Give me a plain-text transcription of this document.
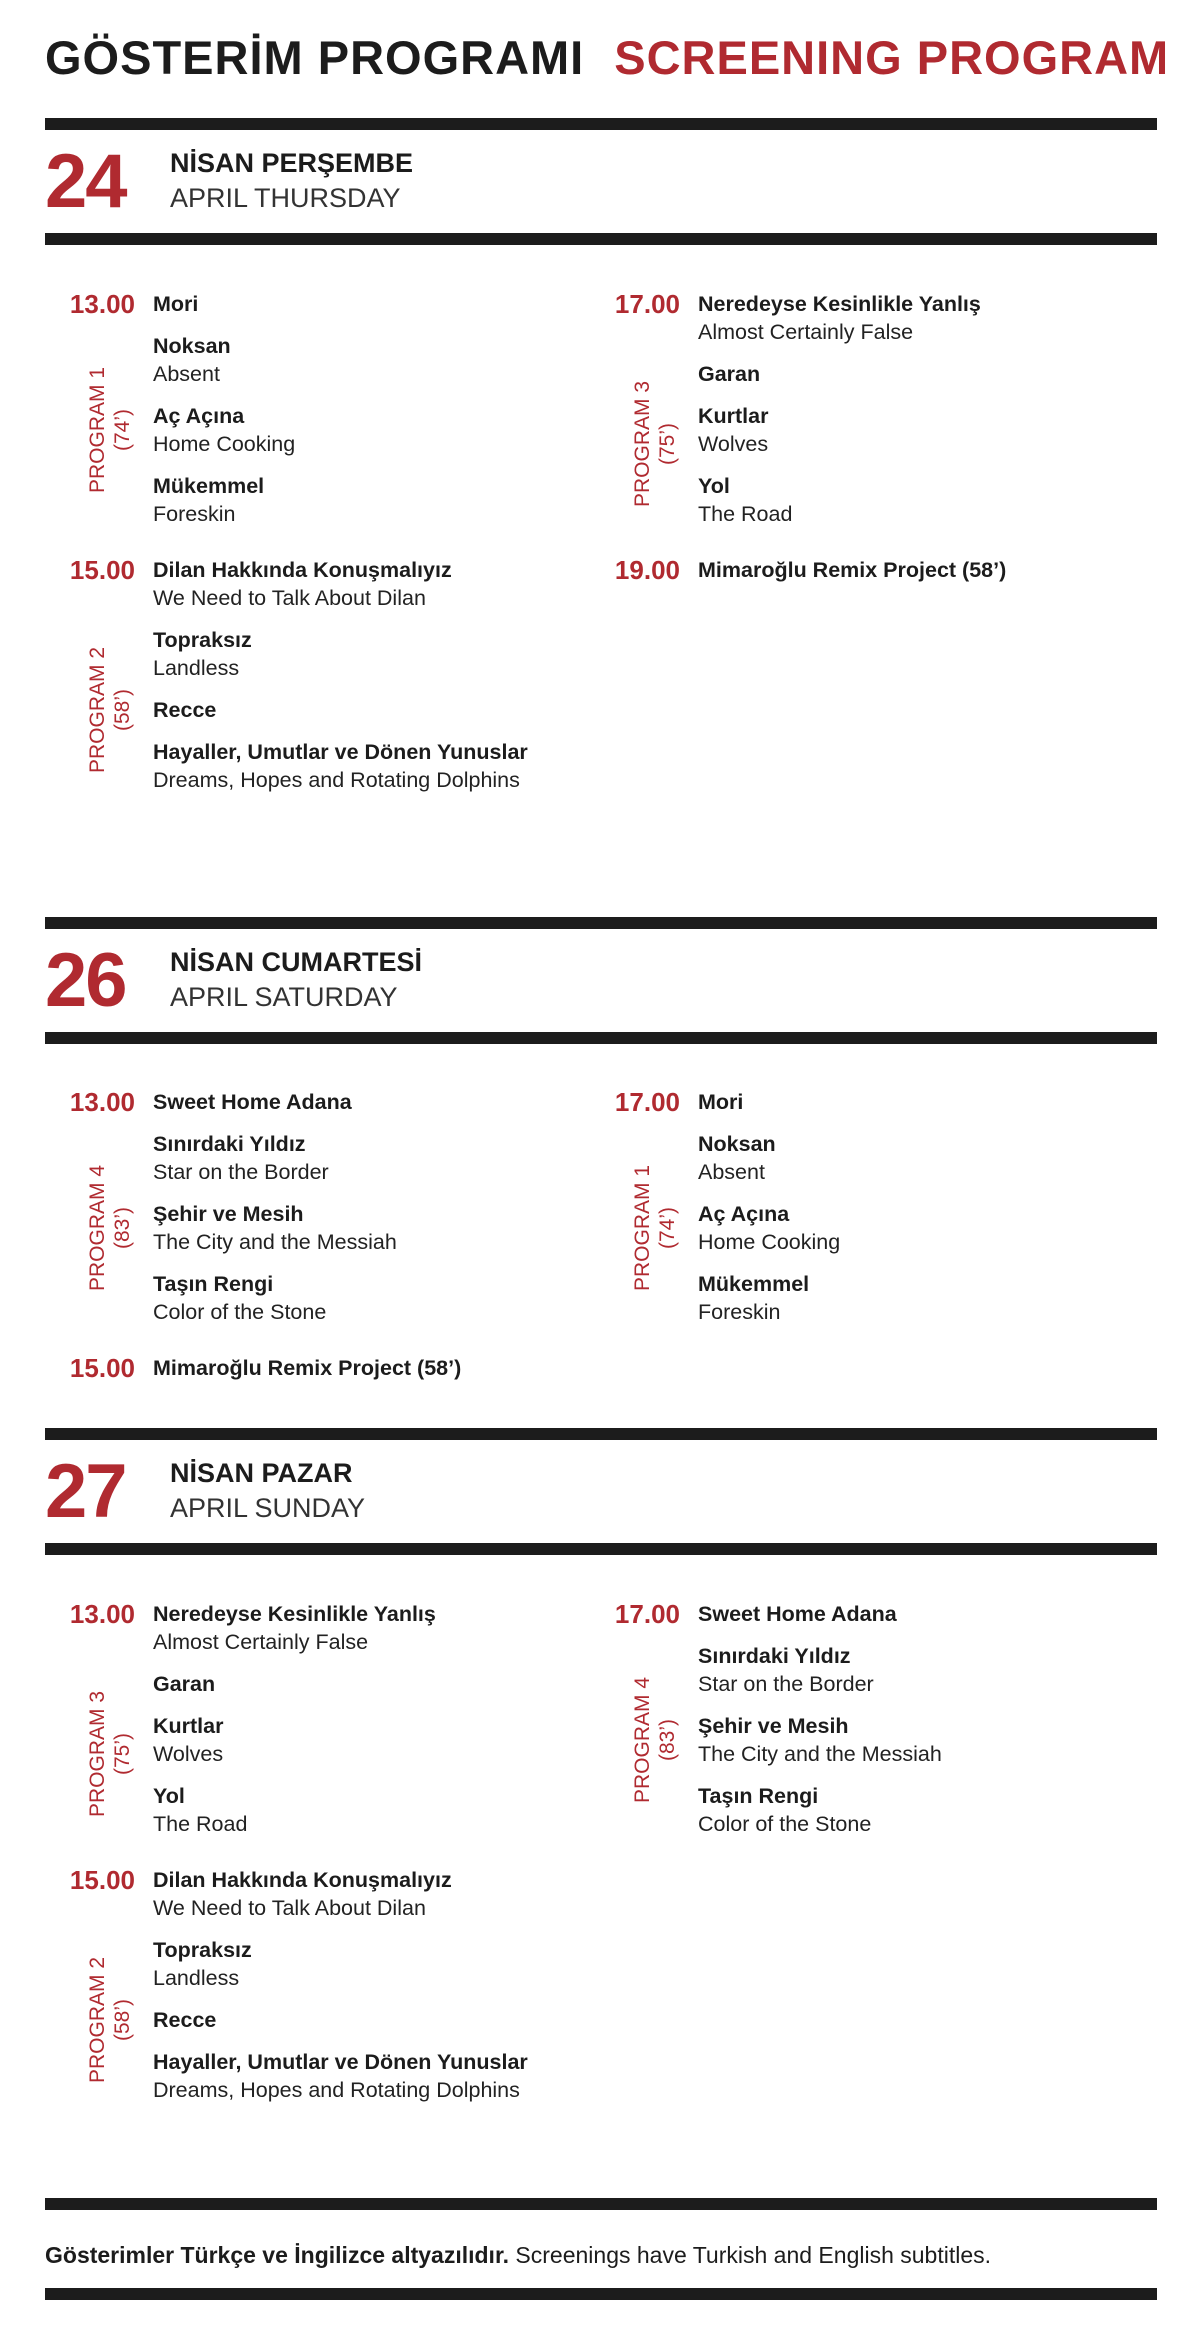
GÖSTERİM PROGRAMI SCREENING PROGRAM
24 NİSAN PERŞEMBE
APRIL THURSDAY
13.00
PROGRAM 1 (74’)
Mori
Noksan
Absent
Aç Açına
Home Cooking
Mükemmel
Foreskin
15.00
PROGRAM 2 (58’)
Dilan Hakkında Konuşmalıyız
We Need to Talk About Dilan
Topraksız
Landless
Recce
Hayaller, Umutlar ve Dönen Yunuslar
Dreams, Hopes and Rotating Dolphins
17.00
PROGRAM 3 (75’)
Neredeyse Kesinlikle Yanlış
Almost Certainly False
Garan
Kurtlar
Wolves
Yol
The Road
19.00 Mimaroğlu Remix Project (58’)
26 NİSAN CUMARTESİ
APRIL SATURDAY
13.00
PROGRAM 4 (83’)
Sweet Home Adana
Sınırdaki Yıldız
Star on the Border
Şehir ve Mesih
The City and the Messiah
Taşın Rengi
Color of the Stone
15.00 Mimaroğlu Remix Project (58’)
17.00
PROGRAM 1 (74’)
Mori
Noksan
Absent
Aç Açına
Home Cooking
Mükemmel
Foreskin
27 NİSAN PAZAR
APRIL SUNDAY
13.00
PROGRAM 3 (75’)
Neredeyse Kesinlikle Yanlış
Almost Certainly False
Garan
Kurtlar
Wolves
Yol
The Road
15.00
PROGRAM 2 (58’)
Dilan Hakkında Konuşmalıyız
We Need to Talk About Dilan
Topraksız
Landless
Recce
Hayaller, Umutlar ve Dönen Yunuslar
Dreams, Hopes and Rotating Dolphins
17.00
PROGRAM 4 (83’)
Sweet Home Adana
Sınırdaki Yıldız
Star on the Border
Şehir ve Mesih
The City and the Messiah
Taşın Rengi
Color of the Stone
Gösterimler Türkçe ve İngilizce altyazılıdır. Screenings have Turkish and English subtitles.
